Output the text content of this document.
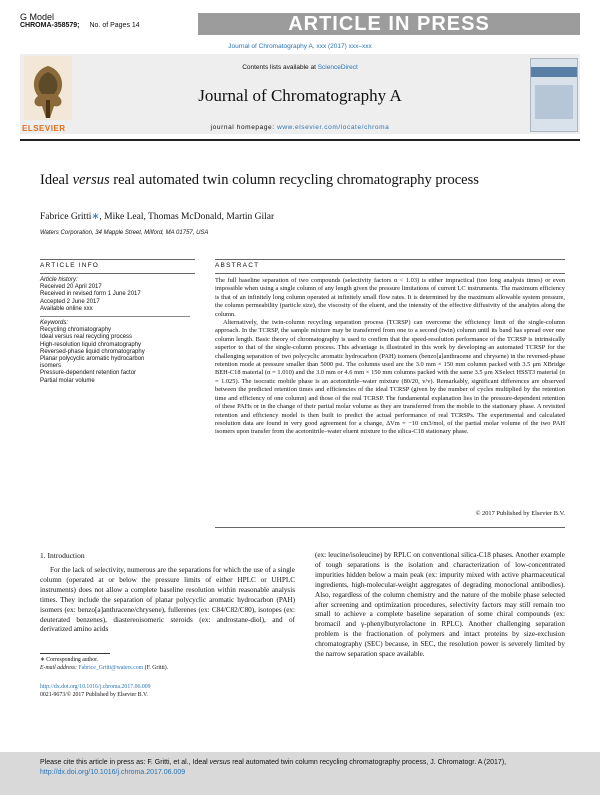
G Model
CHROMA-358579; No. of Pages 14	ARTICLE IN PRESS
Journal of Chromatography A, xxx (2017) xxx–xxx
ELSEVIER
Contents lists available at ScienceDirect
Journal of Chromatography A
journal homepage: www.elsevier.com/locate/chroma
Ideal versus real automated twin column recycling chromatography process
Fabrice Gritti∗, Mike Leal, Thomas McDonald, Martin Gilar
Waters Corporation, 34 Mapple Street, Milford, MA 01757, USA
ARTICLE INFO	ABSTRACT
Article history:
Received 20 April 2017
Received in revised form 1 June 2017
Accepted 2 June 2017
Available online xxx
Keywords:
Recycling chromatography
Ideal versus real recycling process
High-resolution liquid chromatography
Reversed-phase liquid chromatography
Planar polycyclic aromatic hydrocarbon
isomers
Pressure-dependent retention factor
Partial molar volume

The full baseline separation of two compounds (selectivity factors α < 1.03) is either impractical (too long analysis times) or even impossible when using a single column of any length given the pressure limitations of current LC instruments. The maximum efficiency is that of an infinitely long column operated at infinitely small flow rates. It is determined by the maximum allowable system pressure, the column permeability (particle size), the viscosity of the eluent, and the intensity of the effective diffusivity of the analytes along the column.

Alternatively, the twin-column recycling separation process (TCRSP) can overcome the efficiency limit of the single-column approach. In the TCRSP, the sample mixture may be transferred from one to a second (twin) column until its band has spread over one column length. Basic theory of chromatography is used to confirm that the speed-resolution performance of the TCRSP is intrinsically superior to that of the single-column process. This advantage is illustrated in this work by developing an automated TCRSP for the challenging separation of two polycyclic aromatic hydrocarbon (PAH) isomers (benzo[a]anthracene and chrysene) in the reversed-phase retention mode at pressure smaller than 5000 psi. The columns used are the 3.0 mm × 150 mm column packed with 3.5 μm XBridge BEH-C18 material (α = 1.010) and the 3.0 mm or 4.6 mm × 150 mm columns packed with the same 3.5 μm XSelect HSST3 material (α = 1.025). The isocratic mobile phase is an acetonitrile–water mixture (80/20, v/v). Remarkably, significant differences are observed between the predicted retention times and efficiencies of the ideal TCRSP (given by the number of cycles multiplied by the retention time and efficiency of one column) and those of the real TCRSP. The fundamental explanation lies in the pressure-dependent retention of these PAHs or in the change of their partial molar volume as they are transferred from the mobile to the stationary phase. A revisited retention and efficiency model is then built to predict the actual performance of real TCRSPs. The experimental and calculated resolution data are found in very good agreement for a change, ΔVm = −10 cm3/mol, of the partial molar volume of the two PAH isomers upon transfer from the acetonitrile–water eluent mixture to the silica-C18 stationary phase.

© 2017 Published by Elsevier B.V.
1. Introduction

For the lack of selectivity, numerous are the separations for which the use of a single column (operated at or below the pressure limits of either HPLC or UHPLC instruments) does not allow a complete baseline resolution within reasonable analysis times. They include the separation of planar polycyclic aromatic hydrocarbon (PAH) isomers (ex: benzo[a]anthracene/chrysene), fullerenes (ex: C84/C82/C80), isotopes (ex: deuterated benzenes), diastereoisomeric steroids (ex: androstane-diol), and of derivatized amino acids

(ex: leucine/isoleucine) by RPLC on conventional silica-C18 phases. Another example of tough separations is the isolation and characterization of low-concentrated impurities hidden below a main peak (ex: impurity mixed with active pharmaceutical ingredients, high-molecular-weight aggregates of degrading monoclonal antibodies). Also, regardless of the column chemistry and the nature of the mobile phase selected after screening and optimization procedures, selectivity factors may still remain too small to achieve a complete baseline separation of some chiral compounds (ex: bromacil and γ-phenylbutyrolactone in RPLC). Another challenging separation problem is the fractionation of polymers and intact proteins by size-exclusion chromatography (SEC) because, in SEC, the resolution power is severely limited by the narrow separation space available.

∗ Corresponding author.
E-mail address: Fabrice_Gritti@waters.com (F. Gritti).
http://dx.doi.org/10.1016/j.chroma.2017.06.009
0021-9673/© 2017 Published by Elsevier B.V.
Please cite this article in press as: F. Gritti, et al., Ideal versus real automated twin column recycling chromatography process, J. Chromatogr. A (2017), http://dx.doi.org/10.1016/j.chroma.2017.06.009
